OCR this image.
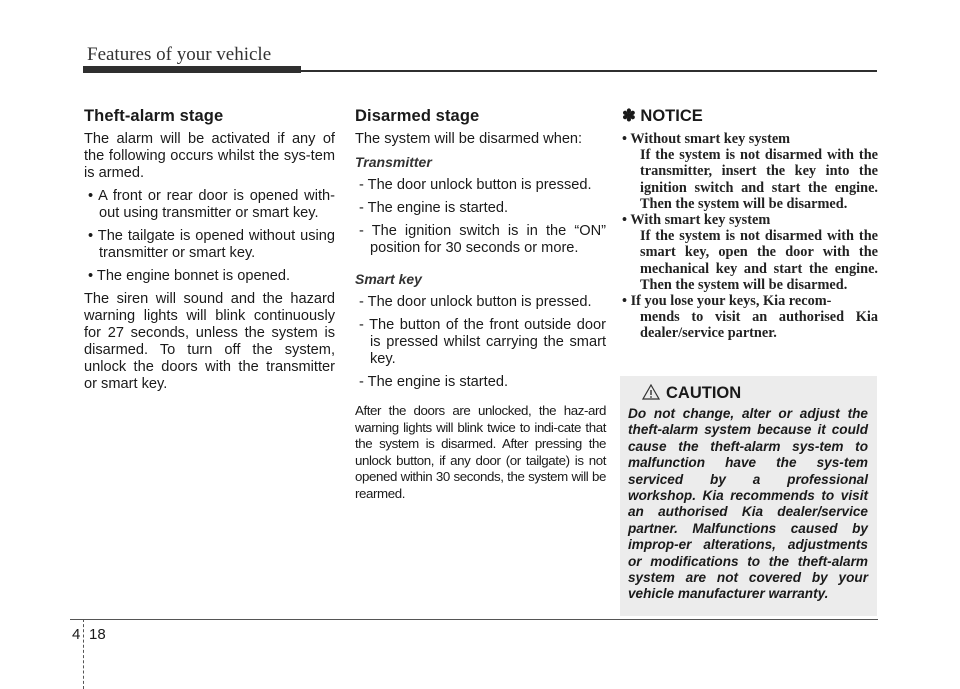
Features of your vehicle
Theft-alarm stage

The alarm will be activated if any of the following occurs whilst the sys-tem is armed.

• A front or rear door is opened with-out using transmitter or smart key.
• The tailgate is opened without using transmitter or smart key.
• The engine bonnet is opened.

The siren will sound and the hazard warning lights will blink continuously for 27 seconds, unless the system is disarmed. To turn off the system, unlock the doors with the transmitter or smart key.

Disarmed stage

The system will be disarmed when:

Transmitter
- The door unlock button is pressed.
- The engine is started.
- The ignition switch is in the “ON” position for 30 seconds or more.
Smart key
- The door unlock button is pressed.
- The button of the front outside door is pressed whilst carrying the smart key.
- The engine is started.

After the doors are unlocked, the haz-ard warning lights will blink twice to indi-cate that the system is disarmed. After pressing the unlock button, if any door (or tailgate) is not opened within 30 seconds, the system will be rearmed.

✽ NOTICE
• Without smart key system
If the system is not disarmed with the transmitter, insert the key into the ignition switch and start the engine. Then the system will be disarmed.
• With smart key system
If the system is not disarmed with the smart key, open the door with the mechanical key and start the engine. Then the system will be disarmed.
• If you lose your keys, Kia recom-
mends to visit an authorised Kia dealer/service partner.
CAUTION
Do not change, alter or adjust the theft-alarm system because it could cause the theft-alarm sys-tem to malfunction have the sys-tem serviced by a professional workshop. Kia recommends to visit an authorised Kia dealer/service partner. Malfunctions caused by improp-er alterations, adjustments or modifications to the theft-alarm system are not covered by your vehicle manufacturer warranty.
4 18
